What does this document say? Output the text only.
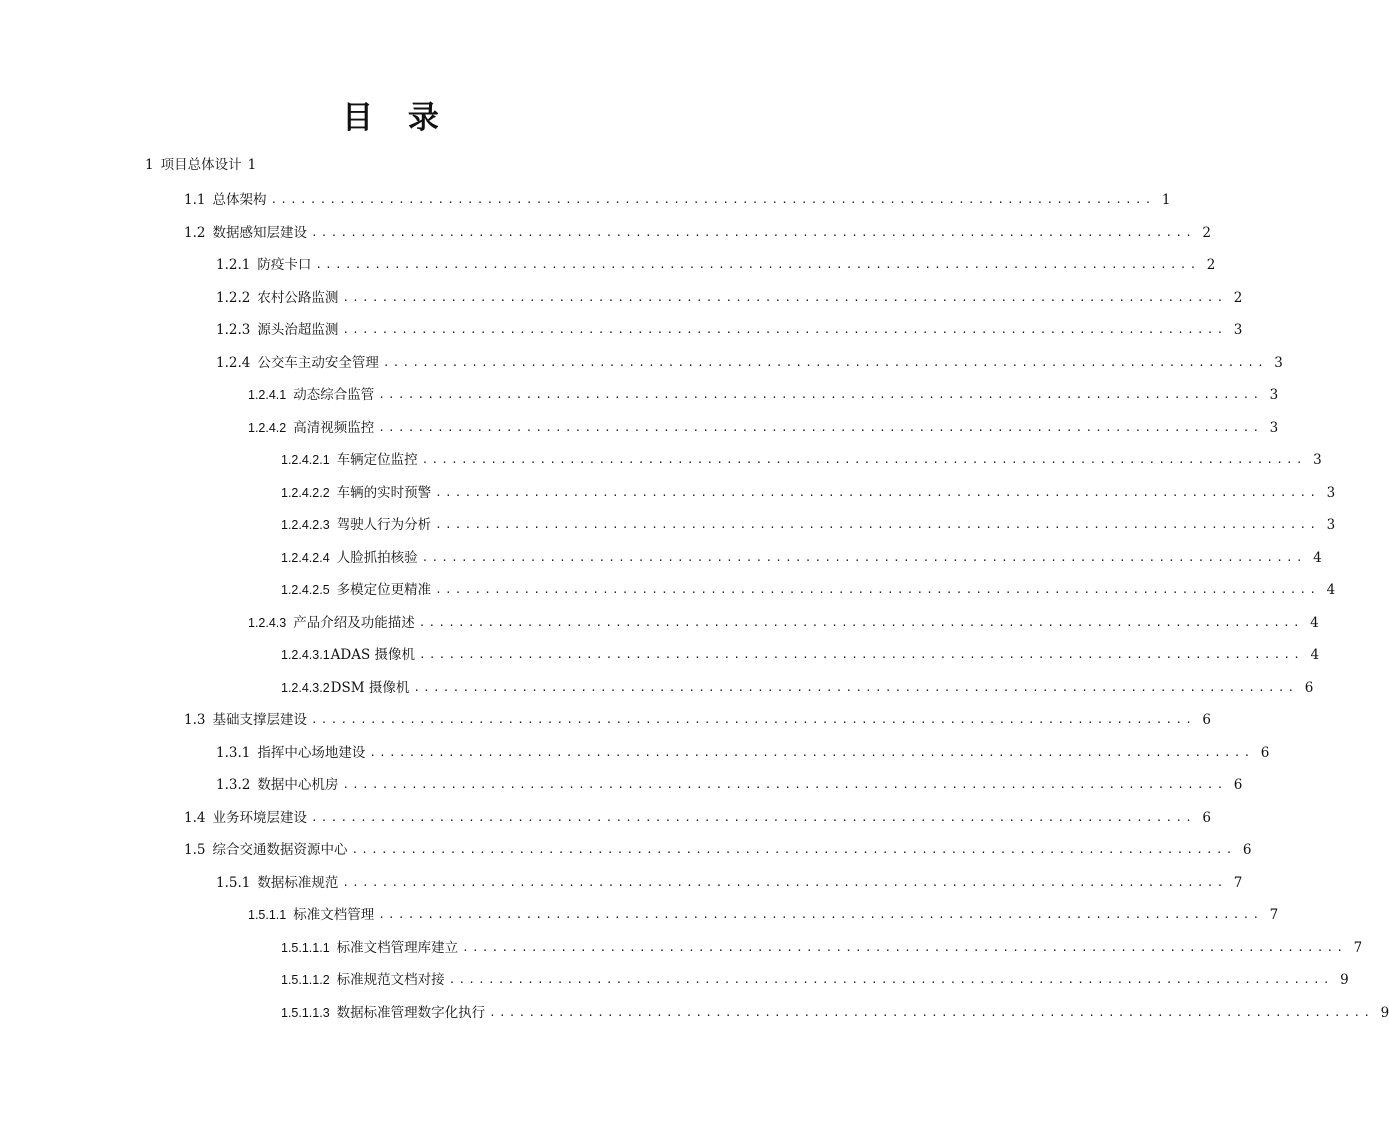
目 录
1 项目总体设计 1
1.1 总体架构 .......................................................................................... 1
1.2 数据感知层建设 .......................................................................................... 2
1.2.1 防疫卡口 .......................................................................................... 2
1.2.2 农村公路监测 .......................................................................................... 2
1.2.3 源头治超监测 .......................................................................................... 3
1.2.4 公交车主动安全管理 .......................................................................................... 3
1.2.4.1 动态综合监管 .......................................................................................... 3
1.2.4.2 高清视频监控 .......................................................................................... 3
1.2.4.2.1 车辆定位监控 .......................................................................................... 3
1.2.4.2.2 车辆的实时预警 .......................................................................................... 3
1.2.4.2.3 驾驶人行为分析 .......................................................................................... 3
1.2.4.2.4 人脸抓拍核验 .......................................................................................... 4
1.2.4.2.5 多模定位更精准 .......................................................................................... 4
1.2.4.3 产品介绍及功能描述 .......................................................................................... 4
1.2.4.3.1 ADAS 摄像机 .......................................................................................... 4
1.2.4.3.2 DSM 摄像机 .......................................................................................... 6
1.3 基础支撑层建设 .......................................................................................... 6
1.3.1 指挥中心场地建设 .......................................................................................... 6
1.3.2 数据中心机房 .......................................................................................... 6
1.4 业务环境层建设 .......................................................................................... 6
1.5 综合交通数据资源中心 .......................................................................................... 6
1.5.1 数据标准规范 .......................................................................................... 7
1.5.1.1 标准文档管理 .......................................................................................... 7
1.5.1.1.1 标准文档管理库建立 .......................................................................................... 7
1.5.1.1.2 标准规范文档对接 .......................................................................................... 9
1.5.1.1.3 数据标准管理数字化执行 .......................................................................................... 9
